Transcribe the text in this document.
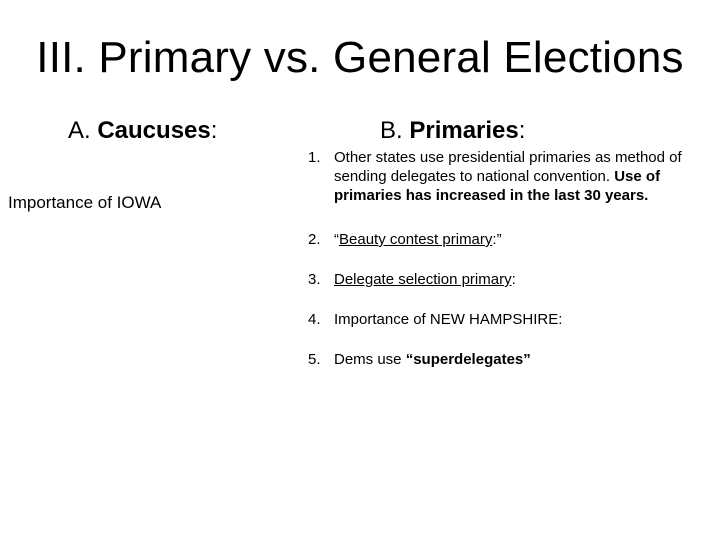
III. Primary vs. General Elections
A. Caucuses:	B. Primaries:
Importance of IOWA
1. Other states use presidential primaries as method of sending delegates to national convention. Use of primaries has increased in the last 30 years.
2. “Beauty contest primary:”
3. Delegate selection primary:
4. Importance of NEW HAMPSHIRE:
5. Dems use “superdelegates”
